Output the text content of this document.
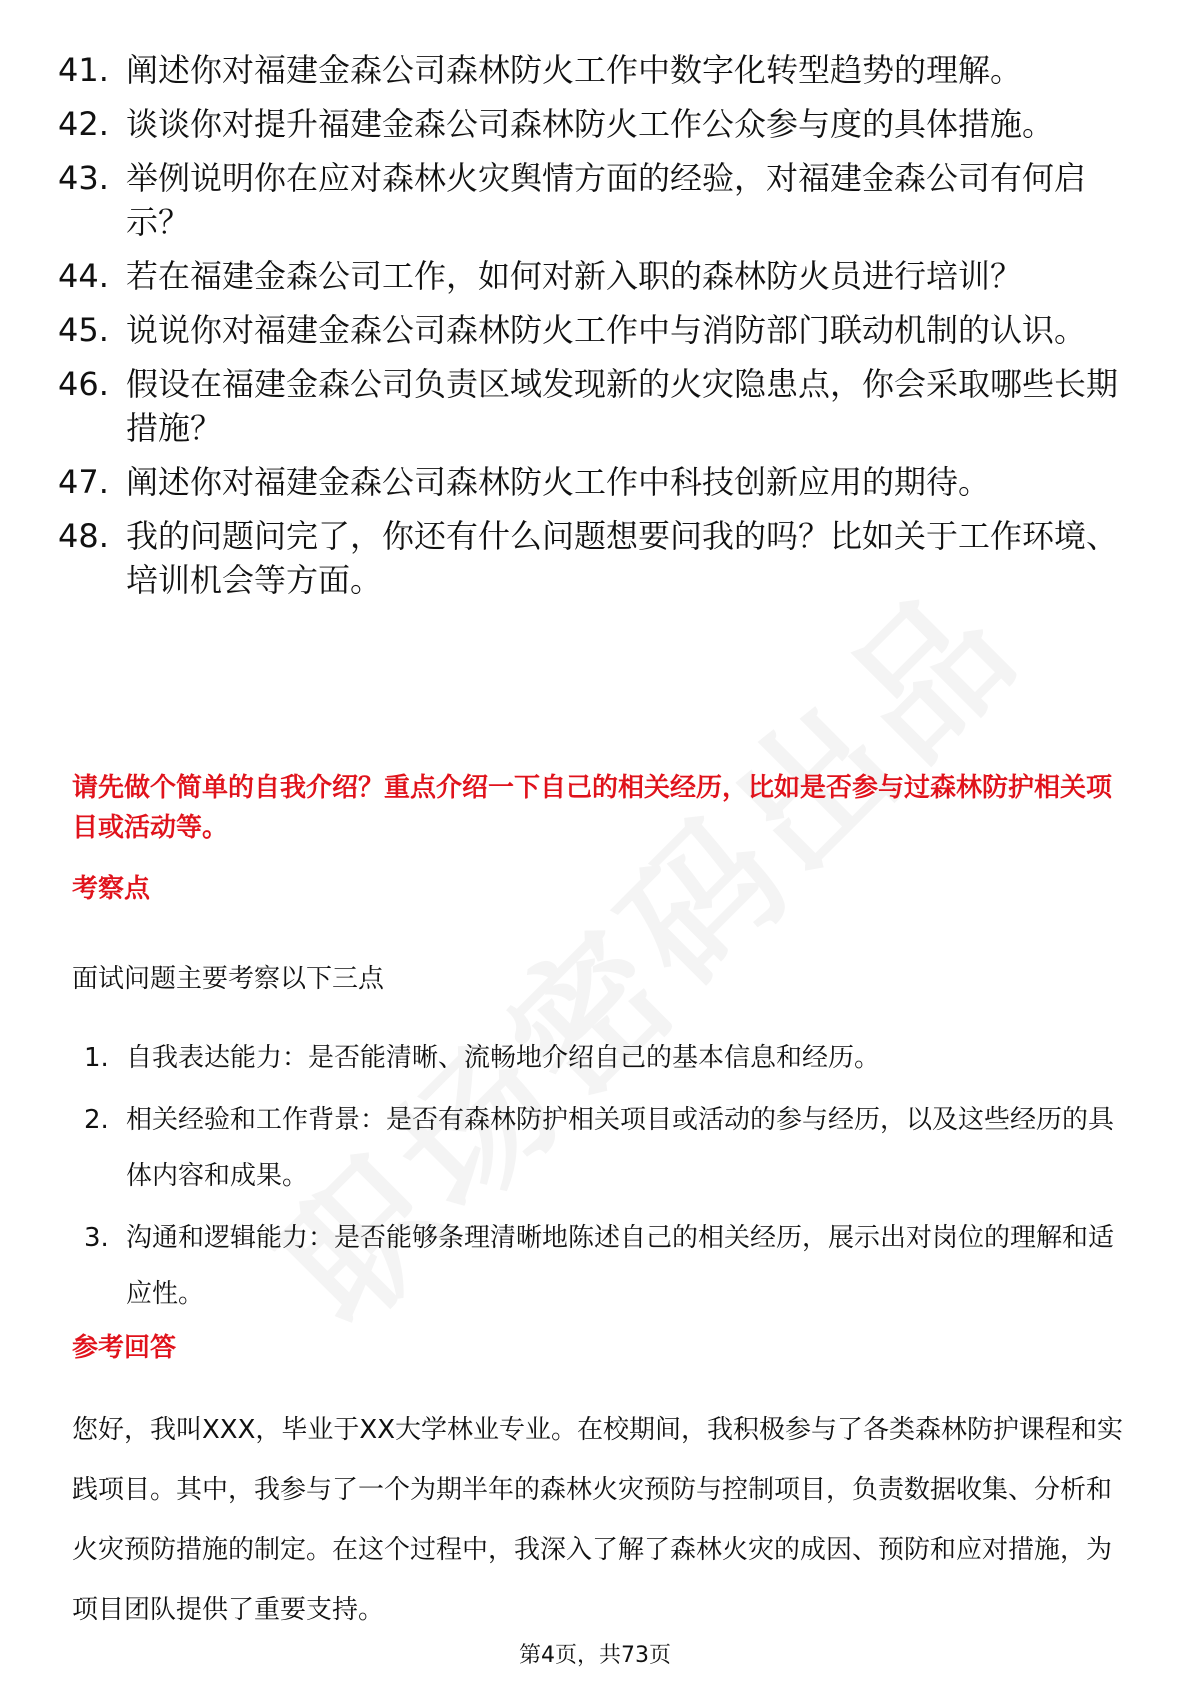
41. 阐述你对福建金森公司森林防火工作中数字化转型趋势的理解。
42. 谈谈你对提升福建金森公司森林防火工作公众参与度的具体措施。
43. 举例说明你在应对森林火灾舆情方面的经验，对福建金森公司有何启示？
44. 若在福建金森公司工作，如何对新入职的森林防火员进行培训？
45. 说说你对福建金森公司森林防火工作中与消防部门联动机制的认识。
46. 假设在福建金森公司负责区域发现新的火灾隐患点，你会采取哪些长期措施？
47. 阐述你对福建金森公司森林防火工作中科技创新应用的期待。
48. 我的问题问完了，你还有什么问题想要问我的吗？比如关于工作环境、培训机会等方面。
请先做个简单的自我介绍？重点介绍一下自己的相关经历，比如是否参与过森林防护相关项目或活动等。
考察点
面试问题主要考察以下三点
1. 自我表达能力：是否能清晰、流畅地介绍自己的基本信息和经历。
2. 相关经验和工作背景：是否有森林防护相关项目或活动的参与经历，以及这些经历的具体内容和成果。
3. 沟通和逻辑能力：是否能够条理清晰地陈述自己的相关经历，展示出对岗位的理解和适应性。
参考回答
您好，我叫XXX，毕业于XX大学林业专业。在校期间，我积极参与了各类森林防护课程和实践项目。其中，我参与了一个为期半年的森林火灾预防与控制项目，负责数据收集、分析和火灾预防措施的制定。在这个过程中，我深入了解了森林火灾的成因、预防和应对措施，为项目团队提供了重要支持。
第4页，共73页
